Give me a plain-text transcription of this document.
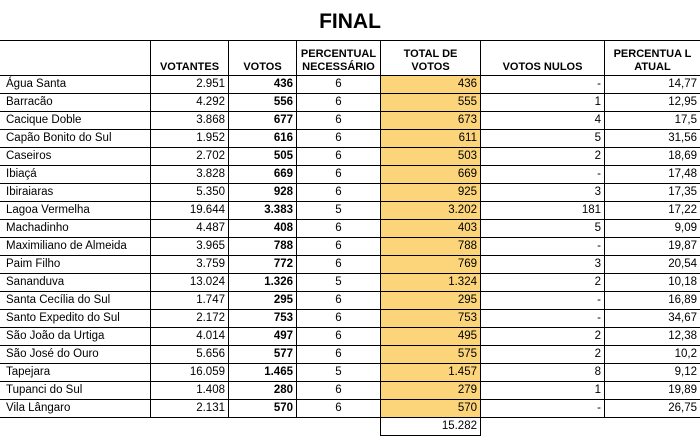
FINAL
	VOTANTES	VOTOS	PERCENTUAL NECESSÁRIO	TOTAL DE VOTOS	VOTOS NULOS	PERCENTUA L ATUAL
Água Santa	2.951	436	6	436	-	14,77
Barracão	4.292	556	6	555	1	12,95
Cacique Doble	3.868	677	6	673	4	17,5
Capão Bonito do Sul	1.952	616	6	611	5	31,56
Caseiros	2.702	505	6	503	2	18,69
Ibiaçá	3.828	669	6	669	-	17,48
Ibiraiaras	5.350	928	6	925	3	17,35
Lagoa Vermelha	19.644	3.383	5	3.202	181	17,22
Machadinho	4.487	408	6	403	5	9,09
Maximiliano de Almeida	3.965	788	6	788	-	19,87
Paim Filho	3.759	772	6	769	3	20,54
Sananduva	13.024	1.326	5	1.324	2	10,18
Santa Cecília do Sul	1.747	295	6	295	-	16,89
Santo Expedito do Sul	2.172	753	6	753	-	34,67
São João da Urtiga	4.014	497	6	495	2	12,38
São José do Ouro	5.656	577	6	575	2	10,2
Tapejara	16.059	1.465	5	1.457	8	9,12
Tupanci do Sul	1.408	280	6	279	1	19,89
Vila Lângaro	2.131	570	6	570	-	26,75
				15.282		
